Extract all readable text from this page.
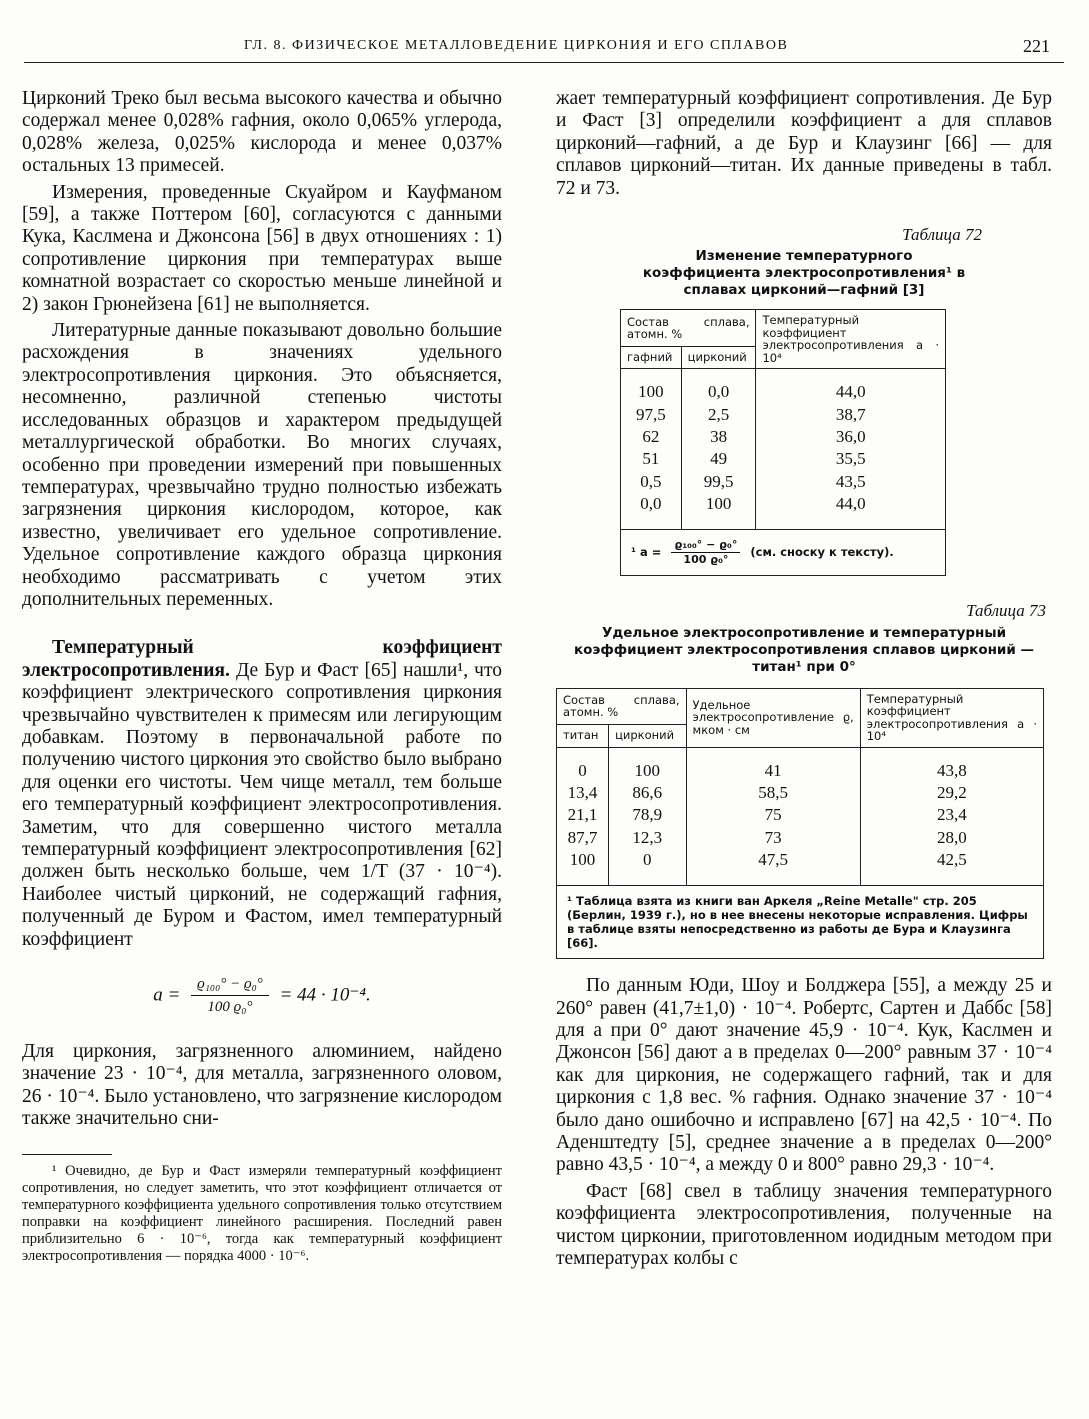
ГЛ. 8. ФИЗИЧЕСКОЕ МЕТАЛЛОВЕДЕНИЕ ЦИРКОНИЯ И ЕГО СПЛАВОВ	221

Цирконий Треко был весьма высокого качества и обычно содержал менее 0,028% гафния, около 0,065% углерода, 0,028% железа, 0,025% кислорода и менее 0,037% остальных 13 примесей.

Измерения, проведенные Скуайром и Кауфманом [59], а также Поттером [60], согласуются с данными Кука, Каслмена и Джонсона [56] в двух отношениях : 1) сопротивление циркония при температурах выше комнатной возрастает со скоростью меньше линейной и 2) закон Грюнейзена [61] не выполняется.

Литературные данные показывают довольно большие расхождения в значениях удельного электросопротивления циркония. Это объясняется, несомненно, различной степенью чистоты исследованных образцов и характером предыдущей металлургической обработки. Во многих случаях, особенно при проведении измерений при повышенных температурах, чрезвычайно трудно полностью избежать загрязнения циркония кислородом, которое, как известно, увеличивает его удельное сопротивление. Удельное сопротивление каждого образца циркония необходимо рассматривать с учетом этих дополнительных переменных.

Температурный коэффициент электросопротивления. Де Бур и Фаст [65] нашли¹, что коэффициент электрического сопротивления циркония чрезвычайно чувствителен к примесям или легирующим добавкам. Поэтому в первоначальной работе по получению чистого циркония это свойство было выбрано для оценки его чистоты. Чем чище металл, тем больше его температурный коэффициент электросопротивления. Заметим, что для совершенно чистого металла температурный коэффициент электросопротивления [62] должен быть несколько больше, чем 1/T (37 · 10⁻⁴). Наиболее чистый цирконий, не содержащий гафния, полученный де Буром и Фастом, имел температурный коэффициент

$a = \frac{\text{ϱ₁₀₀° − ϱ₀°}}{\text{100 ϱ₀°}} = 44 \cdot 10^{-4}$.

Для циркония, загрязненного алюминием, найдено значение 23 · 10⁻⁴, для металла, загрязненного оловом, 26 · 10⁻⁴. Было установлено, что загрязнение кислородом также значительно сни-

¹ Очевидно, де Бур и Фаст измеряли температурный коэффициент сопротивления, но следует заметить, что этот коэффициент отличается от температурного коэффициента удельного сопротивления только отсутствием поправки на коэффициент линейного расширения. Последний равен приблизительно 6 · 10⁻⁶, тогда как температурный коэффициент электросопротивления — порядка 4000 · 10⁻⁶.

жает температурный коэффициент сопротивления. Де Бур и Фаст [3] определили коэффициент a для сплавов цирконий—гафний, а де Бур и Клаузинг [66] — для сплавов цирконий—титан. Их данные приведены в табл. 72 и 73.

Таблица 72
Изменение температурного коэффициента электросопротивления¹ в сплавах цирконий—гафний [3]
Состав сплава, атомн. %		Температурный коэффициент электросопротивления a · 10⁴
гафний	цирконий	
100	0,0	44,0
97,5	2,5	38,7
62	38	36,0
51	49	35,5
0,5	99,5	43,5
0,0	100	44,0
¹ $a = \frac{\text{ϱ₁₀₀° − ϱ₀°}}{\text{100 ϱ₀°}} (см$. сноску к тексту).		
Таблица 73
Удельное электросопротивление и температурный коэффициент электросопротивления сплавов цирконий — титан¹ при 0°
Состав сплава, атомн. %		Удельное электросопротивление ϱ, мком · см	Температурный коэффициент электросопротивления a · 10⁴
титан	цирконий		
0	100	41	43,8
13,4	86,6	58,5	29,2
21,1	78,9	75	23,4
87,7	12,3	73	28,0
100	0	47,5	42,5
¹ Таблица взята из книги ван Аркеля „Reine Metalle" стр. 205 (Берлин, 1939 г.), но в нее внесены некоторые исправления. Цифры в таблице взяты непосредственно из работы де Бура и Клаузинга [66].			

По данным Юди, Шоу и Болджера [55], a между 25 и 260° равен (41,7±1,0) · 10⁻⁴. Робертс, Сартен и Даббс [58] для a при 0° дают значение 45,9 · 10⁻⁴. Кук, Каслмен и Джонсон [56] дают a в пределах 0—200° равным 37 · 10⁻⁴ как для циркония, не содержащего гафний, так и для циркония с 1,8 вес. % гафния. Однако значение 37 · 10⁻⁴ было дано ошибочно и исправлено [67] на 42,5 · 10⁻⁴. По Аденштедту [5], среднее значение a в пределах 0—200° равно 43,5 · 10⁻⁴, а между 0 и 800° равно 29,3 · 10⁻⁴.

Фаст [68] свел в таблицу значения температурного коэффициента электросопротивления, полученные на чистом цирконии, приготовленном иодидным методом при температурах колбы с
